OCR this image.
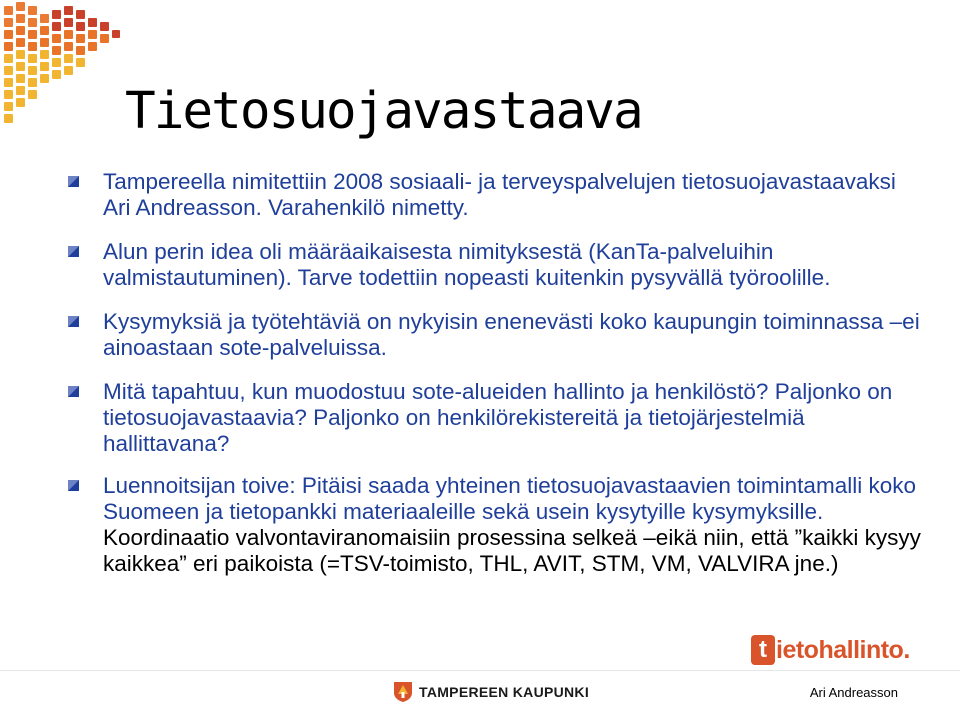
Tietosuojavastaava
Tampereella nimitettiin 2008 sosiaali- ja terveyspalvelujen tietosuojavastaavaksi Ari Andreasson. Varahenkilö nimetty.
Alun perin idea oli määräaikaisesta nimityksestä (KanTa-palveluihin valmistautuminen). Tarve todettiin nopeasti kuitenkin pysyvällä työroolille.
Kysymyksiä ja työtehtäviä on nykyisin enenevästi koko kaupungin toiminnassa –ei ainoastaan sote-palveluissa.
Mitä tapahtuu, kun muodostuu sote-alueiden hallinto ja henkilöstö? Paljonko on tietosuojavastaavia? Paljonko on henkilörekistereitä ja tietojärjestelmiä hallittavana?
Luennoitsijan toive: Pitäisi saada yhteinen tietosuojavastaavien toimintamalli koko Suomeen ja tietopankki materiaaleille sekä usein kysytyille kysymyksille. Koordinaatio valvontaviranomaisiin prosessina selkeä –eikä niin, että ”kaikki kysyy kaikkea” eri paikoista (=TSV-toimisto, THL, AVIT, STM, VM, VALVIRA jne.)
t ietohallinto.
TAMPEREEN KAUPUNKI	Ari Andreasson
